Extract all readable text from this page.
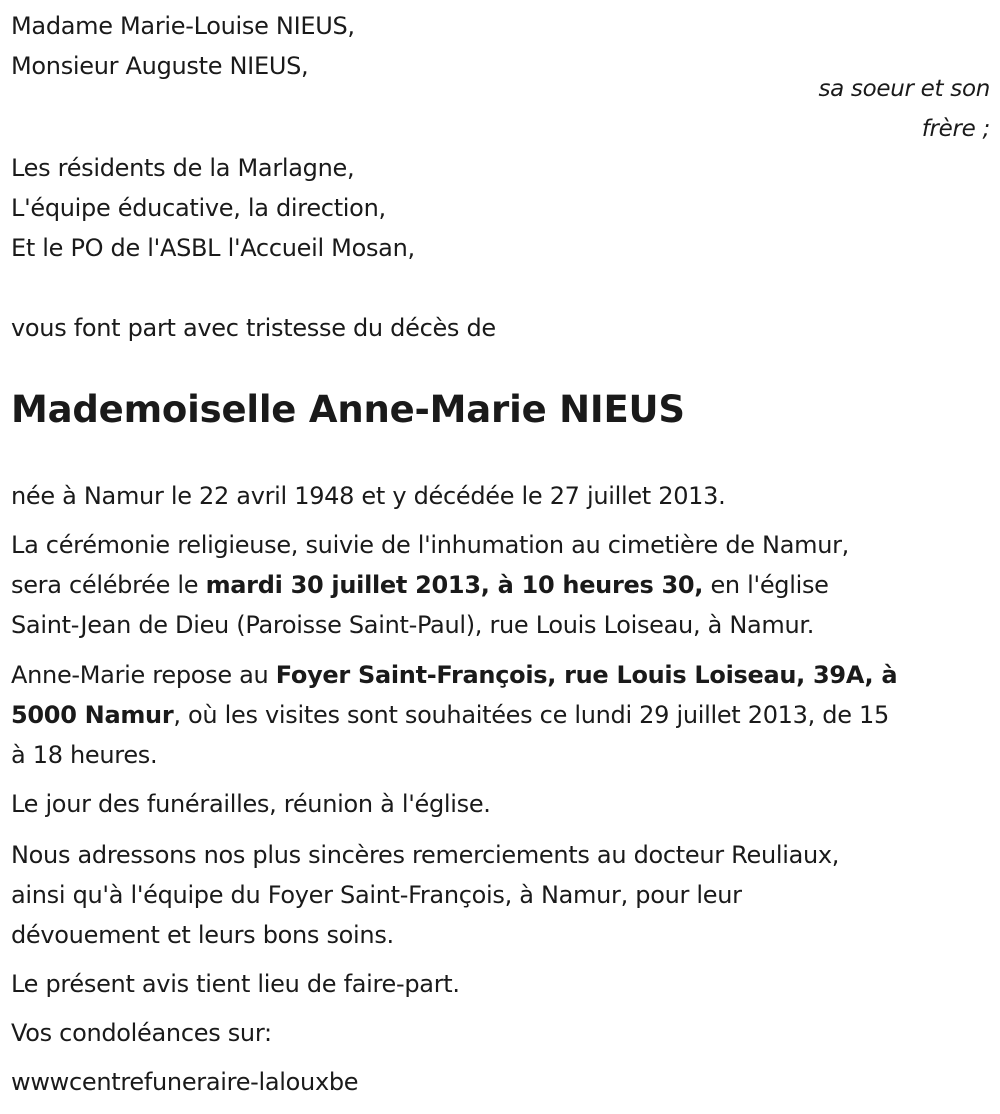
Madame Marie-Louise NIEUS,
Monsieur Auguste NIEUS,
sa soeur et son
frère ;
Les résidents de la Marlagne,
L'équipe éducative, la direction,
Et le PO de l'ASBL l'Accueil Mosan,
vous font part avec tristesse du décès de
Mademoiselle Anne-Marie NIEUS
née à Namur le 22 avril 1948 et y décédée le 27 juillet 2013.
La cérémonie religieuse, suivie de l'inhumation au cimetière de Namur,
sera célébrée le mardi 30 juillet 2013, à 10 heures 30, en l'église
Saint-Jean de Dieu (Paroisse Saint-Paul), rue Louis Loiseau, à Namur.
Anne-Marie repose au Foyer Saint-François, rue Louis Loiseau, 39A, à
5000 Namur, où les visites sont souhaitées ce lundi 29 juillet 2013, de 15
à 18 heures.
Le jour des funérailles, réunion à l'église.
Nous adressons nos plus sincères remerciements au docteur Reuliaux,
ainsi qu'à l'équipe du Foyer Saint-François, à Namur, pour leur
dévouement et leurs bons soins.
Le présent avis tient lieu de faire-part.
Vos condoléances sur:
wwwcentrefuneraire-lalouxbe
